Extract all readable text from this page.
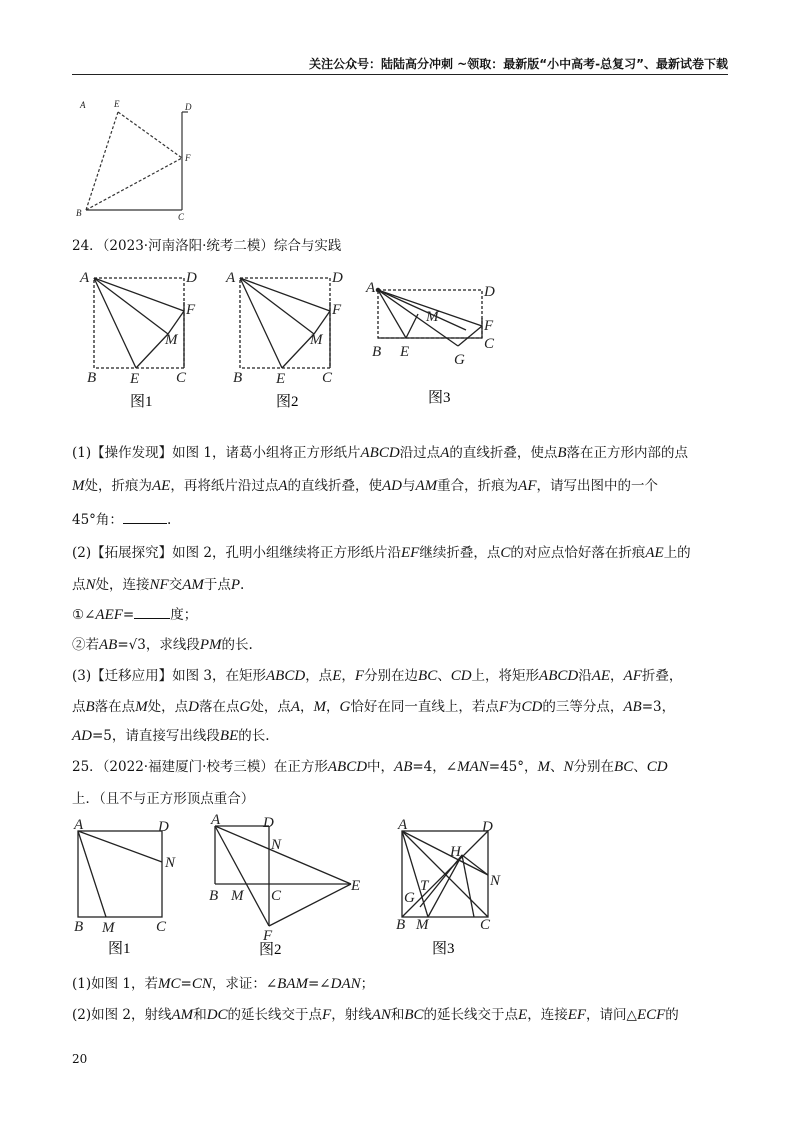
关注公众号：陆陆高分冲刺 ~领取：最新版“小中高考-总复习”、最新试卷下载
A	E	D
F
B	C
24．（2023·河南洛阳·统考二模）综合与实践
A	D
F
M
B E C
图1
A	D
F
M
B E C
图2
A	D
M
F
C
B E	G
图3
(1)【操作发现】如图 1，诸葛小组将正方形纸片ABCD沿过点A的直线折叠，使点B落在正方形内部的点
M处，折痕为AE，再将纸片沿过点A的直线折叠，使AD与AM重合，折痕为AF，请写出图中的一个
45°角：	.
(2)【拓展探究】如图 2，孔明小组继续将正方形纸片沿EF继续折叠，点C的对应点恰好落在折痕AE上的
点N处，连接NF交AM于点P.
①∠AEF=	度；
②若AB=√3，求线段PM的长.
(3)【迁移应用】如图 3，在矩形ABCD，点E，F分别在边BC、CD上，将矩形ABCD沿AE，AF折叠，
点B落在点M处，点D落在点G处，点A，M，G恰好在同一直线上，若点F为CD的三等分点，AB=3，
AD=5，请直接写出线段BE的长.
25．（2022·福建厦门·校考三模）在正方形ABCD中，AB=4，∠MAN=45°，M、N分别在BC、CD
上．（且不与正方形顶点重合）
A	D
N
B M	C
图1
A	D
N
B M C
E
F
图2
A	D
H
N
T
G
B M	C
图3
(1)如图 1，若MC=CN，求证：∠BAM=∠DAN；
(2)如图 2，射线AM和DC的延长线交于点F，射线AN和BC的延长线交于点E，连接EF，请问△ECF的
20
